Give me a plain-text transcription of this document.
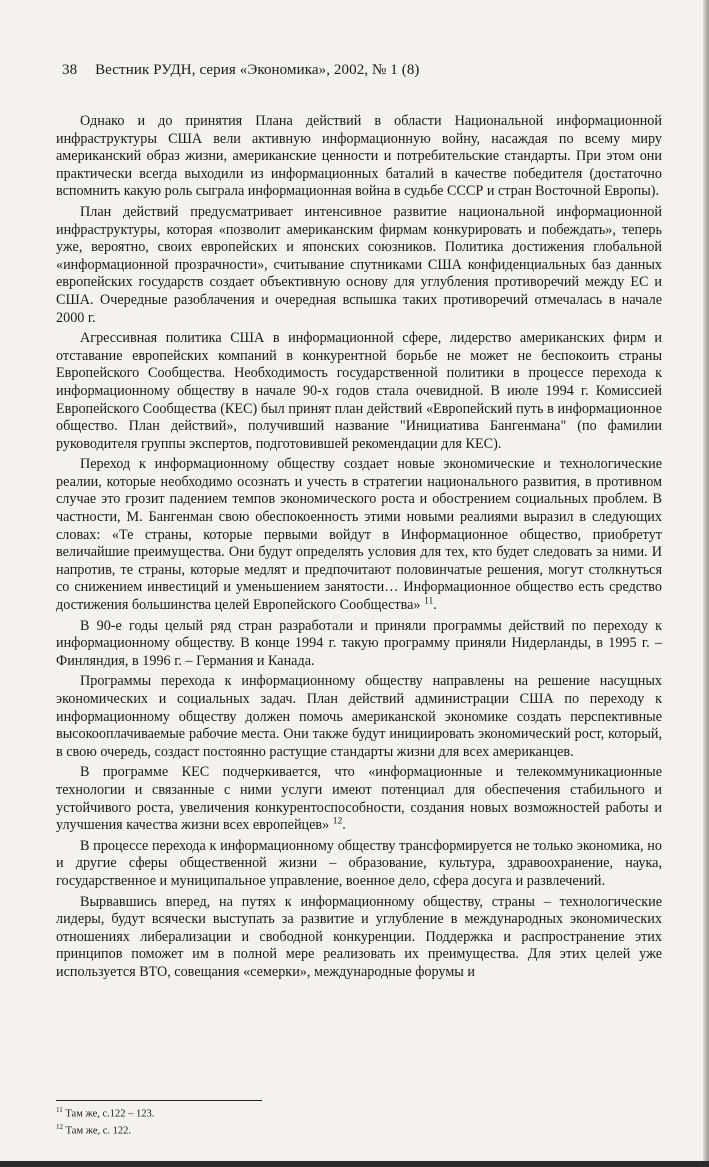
38 Вестник РУДН, серия «Экономика», 2002, № 1 (8)

Однако и до принятия Плана действий в области Национальной информационной инфраструктуры США вели активную информационную войну, насаждая по всему миру американский образ жизни, американские ценности и потребительские стандарты. При этом они практически всегда выходили из информационных баталий в качестве победителя (достаточно вспомнить какую роль сыграла информационная война в судьбе СССР и стран Восточной Европы).

План действий предусматривает интенсивное развитие национальной информационной инфраструктуры, которая «позволит американским фирмам конкурировать и побеждать», теперь уже, вероятно, своих европейских и японских союзников. Политика достижения глобальной «информационной прозрачности», считывание спутниками США конфиденциальных баз данных европейских государств создает объективную основу для углубления противоречий между ЕС и США. Очередные разоблачения и очередная вспышка таких противоречий отмечалась в начале 2000 г.

Агрессивная политика США в информационной сфере, лидерство американских фирм и отставание европейских компаний в конкурентной борьбе не может не беспокоить страны Европейского Сообщества. Необходимость государственной политики в процессе перехода к информационному обществу в начале 90-х годов стала очевидной. В июле 1994 г. Комиссией Европейского Сообщества (КЕС) был принят план действий «Европейский путь в информационное общество. План действий», получивший название "Инициатива Бангенмана" (по фамилии руководителя группы экспертов, подготовившей рекомендации для КЕС).

Переход к информационному обществу создает новые экономические и технологические реалии, которые необходимо осознать и учесть в стратегии национального развития, в противном случае это грозит падением темпов экономического роста и обострением социальных проблем. В частности, М. Бангенман свою обеспокоенность этими новыми реалиями выразил в следующих словах: «Те страны, которые первыми войдут в Информационное общество, приобретут величайшие преимущества. Они будут определять условия для тех, кто будет следовать за ними. И напротив, те страны, которые медлят и предпочитают половинчатые решения, могут столкнуться со снижением инвестиций и уменьшением занятости… Информационное общество есть средство достижения большинства целей Европейского Сообщества» $^{11}$.

В 90-е годы целый ряд стран разработали и приняли программы действий по переходу к информационному обществу. В конце 1994 г. такую программу приняли Нидерланды, в 1995 г. – Финляндия, в 1996 г. – Германия и Канада.

Программы перехода к информационному обществу направлены на решение насущных экономических и социальных задач. План действий администрации США по переходу к информационному обществу должен помочь американской экономике создать перспективные высокооплачиваемые рабочие места. Они также будут инициировать экономический рост, который, в свою очередь, создаст постоянно растущие стандарты жизни для всех американцев.

В программе КЕС подчеркивается, что «информационные и телекоммуникационные технологии и связанные с ними услуги имеют потенциал для обеспечения стабильного и устойчивого роста, увеличения конкурентоспособности, создания новых возможностей работы и улучшения качества жизни всех европейцев» $^{12}$.

В процессе перехода к информационному обществу трансформируется не только экономика, но и другие сферы общественной жизни – образование, культура, здравоохранение, наука, государственное и муниципальное управление, военное дело, сфера досуга и развлечений.

Вырвавшись вперед, на путях к информационному обществу, страны – технологические лидеры, будут всячески выступать за развитие и углубление в международных экономических отношениях либерализации и свободной конкуренции. Поддержка и распространение этих принципов поможет им в полной мере реализовать их преимущества. Для этих целей уже используется ВТО, совещания «семерки», международные форумы и

$^{11}$ Там же, с.122 – 123.
$^{12}$ Там же, с. 122.
